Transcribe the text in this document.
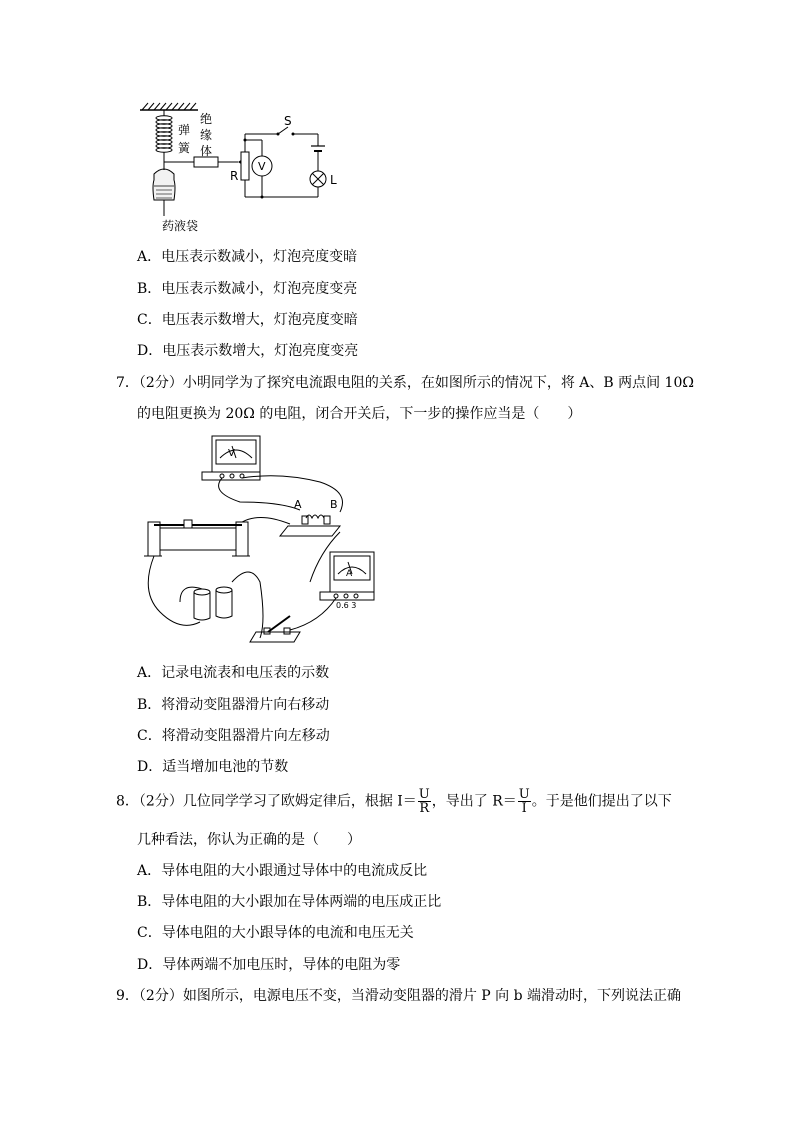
弹
簧
绝
缘
体
药液袋
S
R
V
L
A．电压表示数减小，灯泡亮度变暗
B．电压表示数减小，灯泡亮度变亮
C．电压表示数增大，灯泡亮度变暗
D．电压表示数增大，灯泡亮度变亮
7．（2分）小明同学为了探究电流跟电阻的关系，在如图所示的情况下，将 A、B 两点间 10Ω
的电阻更换为 20Ω 的电阻，闭合开关后，下一步的操作应当是（　　）
V
A
0.6 3
A	B
A．记录电流表和电压表的示数
B．将滑动变阻器滑片向右移动
C．将滑动变阻器滑片向左移动
D．适当增加电池的节数
8．（2分）几位同学学习了欧姆定律后，根据 $I= \frac{U}{R}$ ，导出了 $R= \frac{U}{I}$ 。于是他们提出了以下
几种看法，你认为正确的是（　　）
A．导体电阻的大小跟通过导体中的电流成反比
B．导体电阻的大小跟加在导体两端的电压成正比
C．导体电阻的大小跟导体的电流和电压无关
D．导体两端不加电压时，导体的电阻为零
9．（2分）如图所示，电源电压不变，当滑动变阻器的滑片 P 向 b 端滑动时，下列说法正确
